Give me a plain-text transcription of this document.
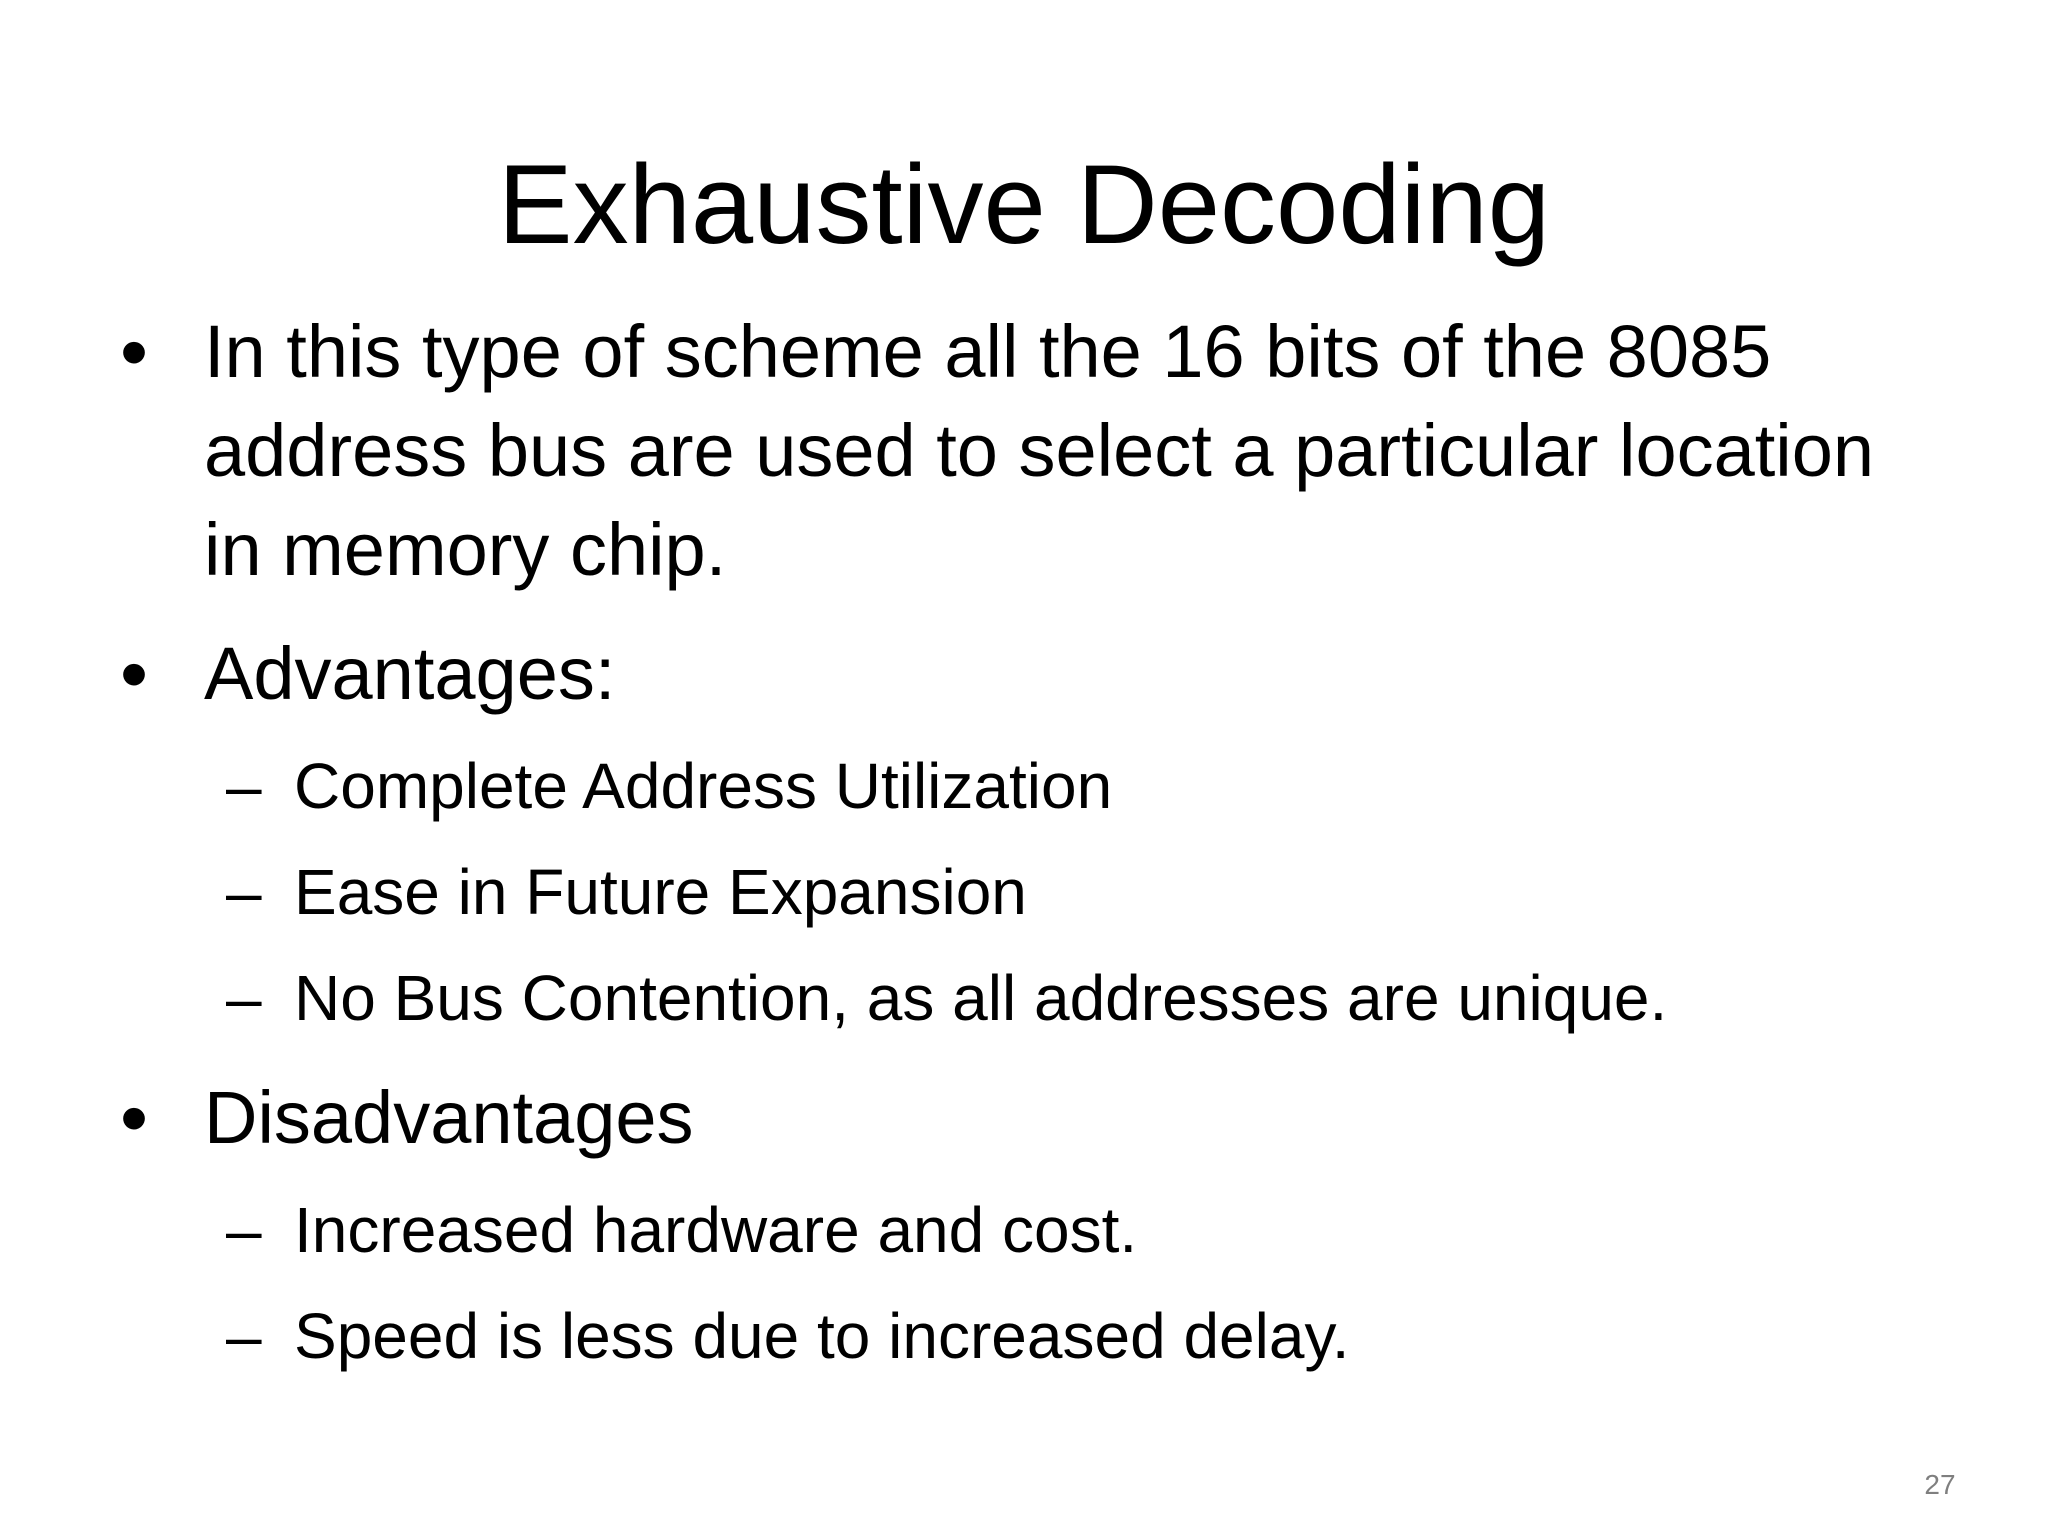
Exhaustive Decoding
• In this type of scheme all the 16 bits of the 8085 address bus are used to select a particular location in memory chip.
• Advantages:
– Complete Address Utilization
– Ease in Future Expansion
– No Bus Contention, as all addresses are unique.
• Disadvantages
– Increased hardware and cost.
– Speed is less due to increased delay.
27
